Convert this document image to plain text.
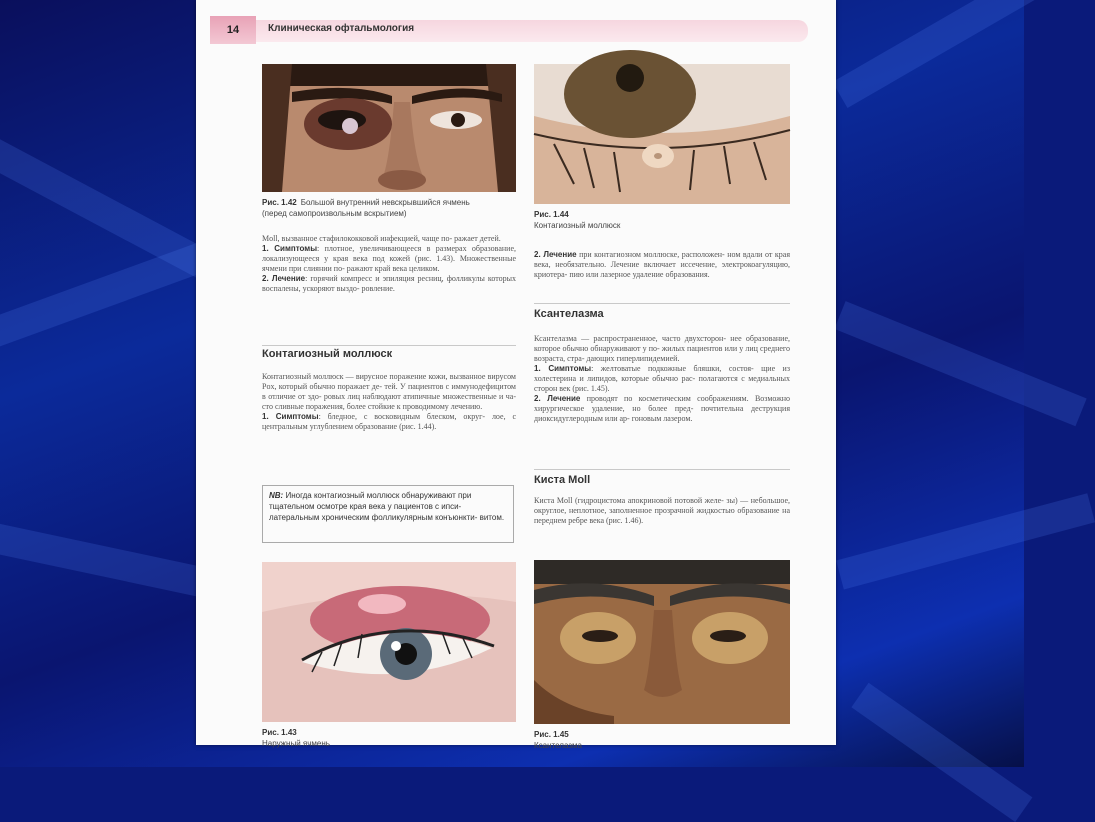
14	Клиническая офтальмология
Рис. 1.42 Большой внутренний невскрывшийся ячмень
(перед самопроизвольным вскрытием)	Рис. 1.44
Контагиозный моллюск
Moll, вызванное стафилококковой инфекцией, чаще по- ражает детей.
1. Симптомы: плотное, увеличивающееся в размерах образование, локализующееся у края века под кожей (рис. 1.43). Множественные ячмени при слиянии по- ражают край века целиком.
2. Лечение: горячий компресс и эпиляция ресниц, фолликулы которых воспалены, ускоряют выздо- ровление.
Контагиозный моллюск
Контагиозный моллюск — вирусное поражение кожи, вызванное вирусом Pox, который обычно поражает де- тей. У пациентов с иммунодефицитом в отличие от здо- ровых лиц наблюдают атипичные множественные и ча- сто сливные поражения, более стойкие к проводимому лечению.
1. Симптомы: бледное, с восковидным блеском, округ- лое, с центральным углублением образование (рис. 1.44).
NB: Иногда контагиозный моллюск обнаруживают при тщательном осмотре края века у пациентов с ипси- латеральным хроническим фолликулярным конъюнкти- витом.
2. Лечение при контагиозном моллюске, расположен- ном вдали от края века, необязательно. Лечение включает иссечение, электрокоагуляцию, криотера- пию или лазерное удаление образования.
Ксантелазма
Ксантелазма — распространенное, часто двухсторон- нее образование, которое обычно обнаруживают у по- жилых пациентов или у лиц среднего возраста, стра- дающих гиперлипидемией.
1. Симптомы: желтоватые подкожные бляшки, состоя- щие из холестерина и липидов, которые обычно рас- полагаются с медиальных сторон век (рис. 1.45).
2. Лечение проводят по косметическим соображениям. Возможно хирургическое удаление, но более пред- почтительна деструкция диоксидуглеродным или ар- гоновым лазером.
Киста Moll
Киста Moll (гидроцистома апокриновой потовой желе- зы) — небольшое, округлое, неплотное, заполненное прозрачной жидкостью образование на переднем ребре века (рис. 1.46).
Рис. 1.43
Наружный ячмень
Рис. 1.45
Ксантелазма
